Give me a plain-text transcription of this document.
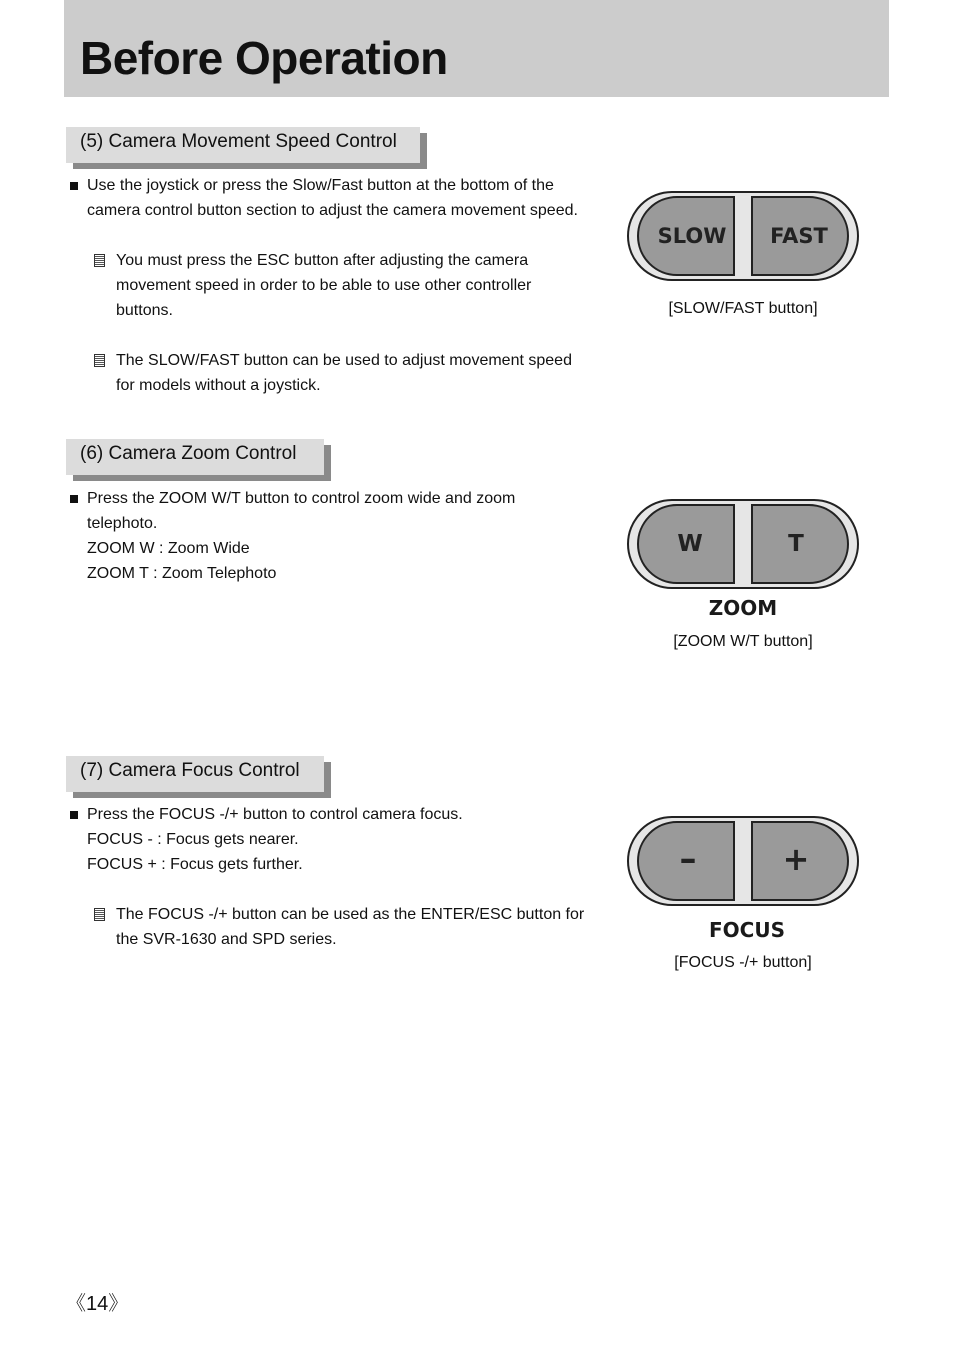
Before Operation
(5) Camera Movement Speed Control

Use the joystick or press the Slow/Fast button at the bottom of the
camera control button section to adjust the camera movement speed.

You must press the ESC button after adjusting the camera
movement speed in order to be able to use other controller buttons.

The SLOW/FAST button can be used to adjust movement speed
for models without a joystick.

SLOW FAST
[SLOW/FAST button]
(6) Camera Zoom Control

Press the ZOOM W/T button to control zoom wide and zoom telephoto.
ZOOM W : Zoom Wide
ZOOM T : Zoom Telephoto

W	T
ZOOM
[ZOOM W/T button]
(7) Camera Focus Control

Press the FOCUS -/+ button to control camera focus.
FOCUS - : Focus gets nearer.
FOCUS + : Focus gets further.

The FOCUS -/+ button can be used as the ENTER/ESC button for
the SVR-1630 and SPD series.

–	+
FOCUS
[FOCUS -/+ button]
《14》
